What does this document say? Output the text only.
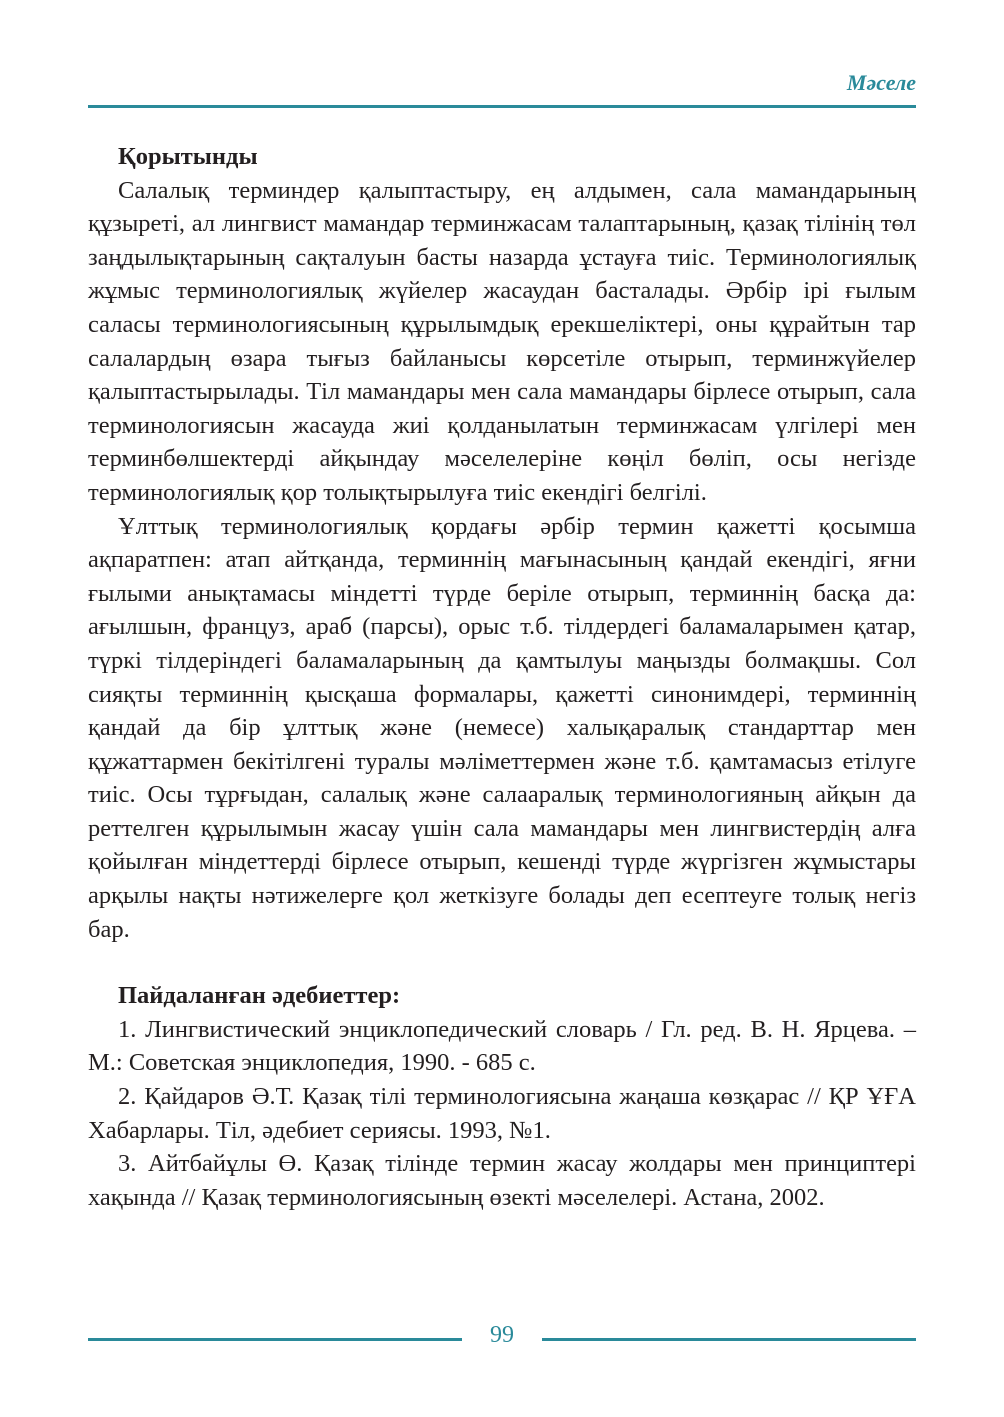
Мәселе

Қорытынды

Салалық терминдер қалыптастыру, ең алдымен, сала мамандарының құзыреті, ал лингвист мамандар терминжасам талаптарының, қазақ тілінің төл заңдылықтарының сақталуын басты назарда ұстауға тиіс. Терминологиялық жұмыс терминологиялық жүйелер жасаудан басталады. Әрбір ірі ғылым саласы терминологиясының құрылымдық ерекшеліктері, оны құрайтын тар салалардың өзара тығыз байланысы көрсетіле отырып, терминжүйелер қалыптастырылады. Тіл мамандары мен сала мамандары бірлесе отырып, сала терминологиясын жасауда жиі қолданылатын терминжасам үлгілері мен терминбөлшектерді айқындау мәселелеріне көңіл бөліп, осы негізде терминологиялық қор толықтырылуға тиіс екендігі белгілі.

Ұлттық терминологиялық қордағы әрбір термин қажетті қосымша ақпаратпен: атап айтқанда, терминнің мағынасының қандай екендігі, яғни ғылыми анықтамасы міндетті түрде беріле отырып, терминнің басқа да: ағылшын, француз, араб (парсы), орыс т.б. тілдердегі баламаларымен қатар, түркі тілдеріндегі баламаларының да қамтылуы маңызды болмақшы. Сол сияқты терминнің қысқаша формалары, қажетті синонимдері, терминнің қандай да бір ұлттық және (немесе) халықаралық стандарттар мен құжаттармен бекітілгені туралы мәліметтермен және т.б. қамтамасыз етілуге тиіс. Осы тұрғыдан, салалық және салааралық терминологияның айқын да реттелген құрылымын жасау үшін сала мамандары мен лингвистердің алға қойылған міндеттерді бірлесе отырып, кешенді түрде жүргізген жұмыстары арқылы нақты нәтижелерге қол жеткізуге болады деп есептеуге толық негіз бар.

Пайдаланған әдебиеттер:

1. Лингвистический энциклопедический словарь / Гл. ред. В. Н. Ярцева. – М.: Советская энциклопедия, 1990. - 685 с.

2. Қайдаров Ә.Т. Қазақ тілі терминологиясына жаңаша көзқарас // ҚР ҰҒА Хабарлары. Тіл, әдебиет сериясы. 1993, №1.

3. Айтбайұлы Ө. Қазақ тілінде термин жасау жолдары мен принциптері хақында // Қазақ терминологиясының өзекті мәселелері. Астана, 2002.

99
